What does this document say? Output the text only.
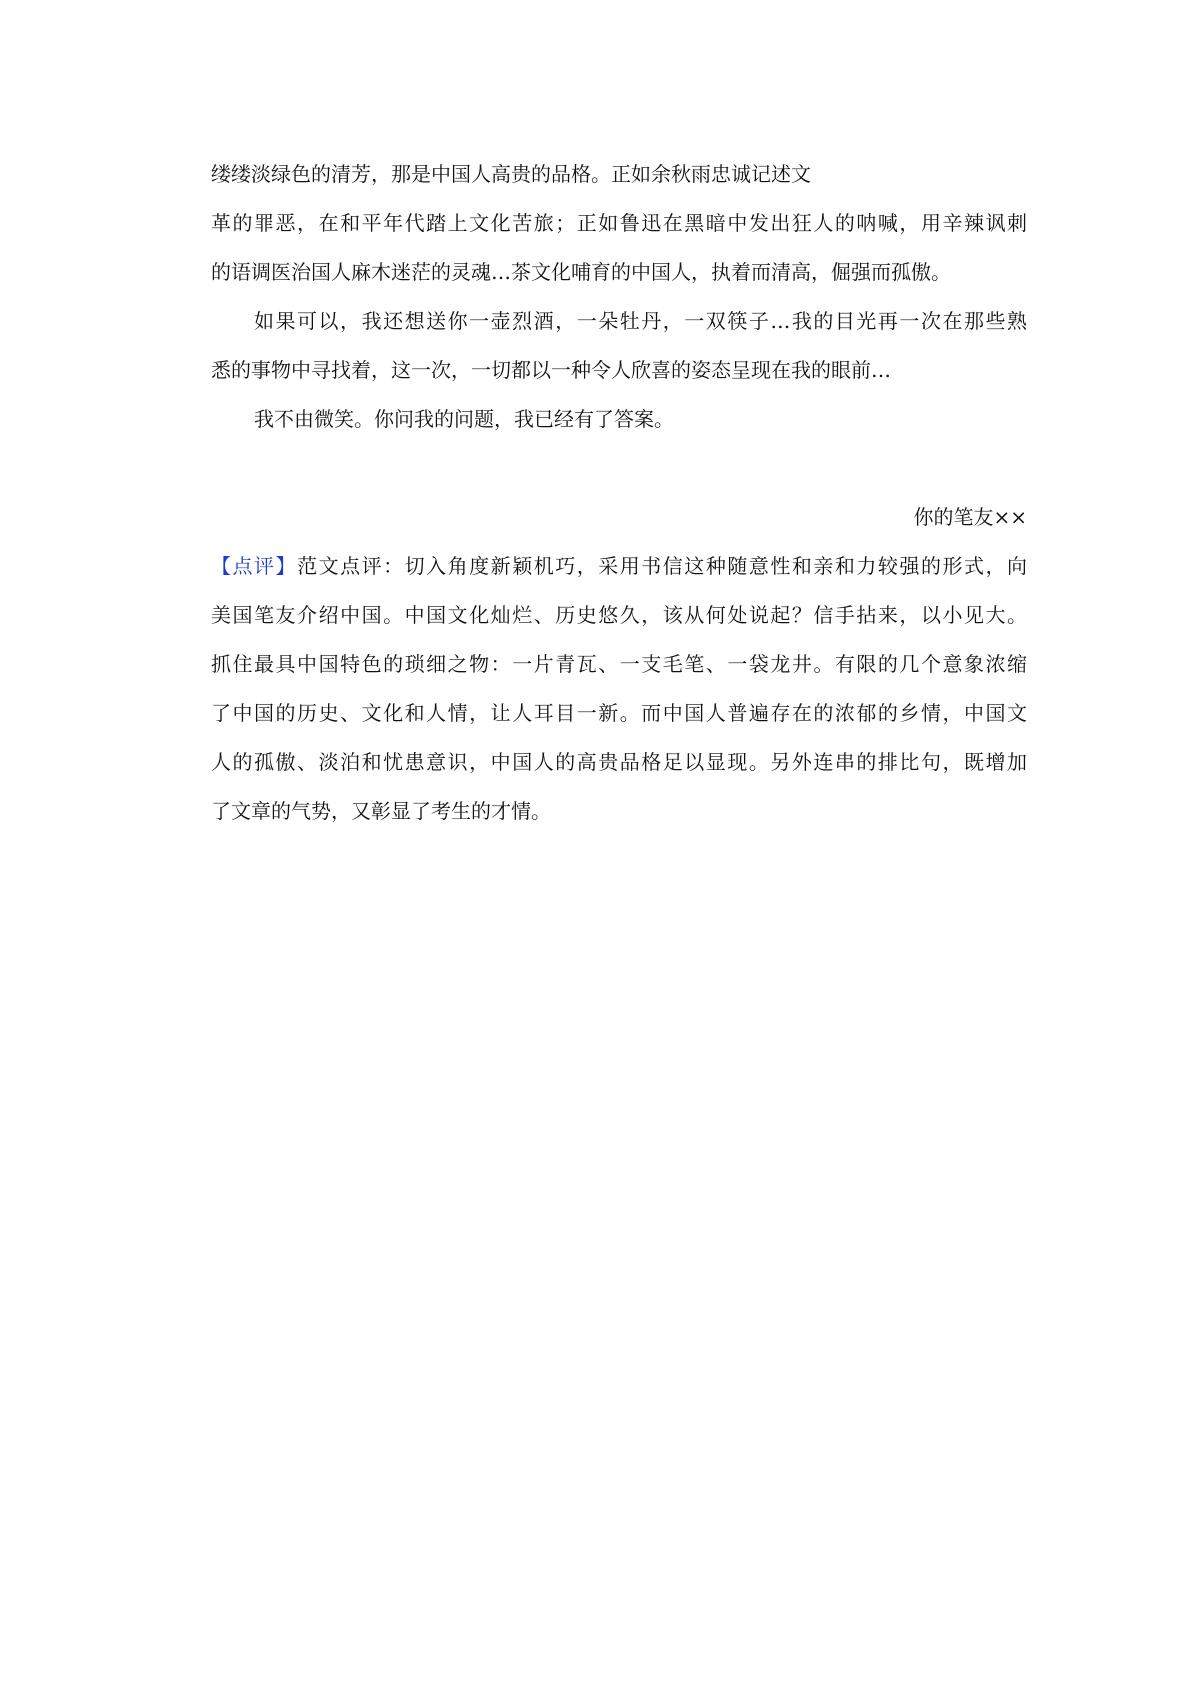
缕缕淡绿色的清芳，那是中国人高贵的品格。正如余秋雨忠诚记述文
革的罪恶，在和平年代踏上文化苦旅；正如鲁迅在黑暗中发出狂人的呐喊，用辛辣讽刺
的语调医治国人麻木迷茫的灵魂…茶文化哺育的中国人，执着而清高，倔强而孤傲。
如果可以，我还想送你一壶烈酒，一朵牡丹，一双筷子…我的目光再一次在那些熟
悉的事物中寻找着，这一次，一切都以一种令人欣喜的姿态呈现在我的眼前…
我不由微笑。你问我的问题，我已经有了答案。
你的笔友××
【点评】范文点评：切入角度新颖机巧，采用书信这种随意性和亲和力较强的形式，向
美国笔友介绍中国。中国文化灿烂、历史悠久，该从何处说起？信手拈来，以小见大。
抓住最具中国特色的琐细之物：一片青瓦、一支毛笔、一袋龙井。有限的几个意象浓缩
了中国的历史、文化和人情，让人耳目一新。而中国人普遍存在的浓郁的乡情，中国文
人的孤傲、淡泊和忧患意识，中国人的高贵品格足以显现。另外连串的排比句，既增加
了文章的气势，又彰显了考生的才情。
